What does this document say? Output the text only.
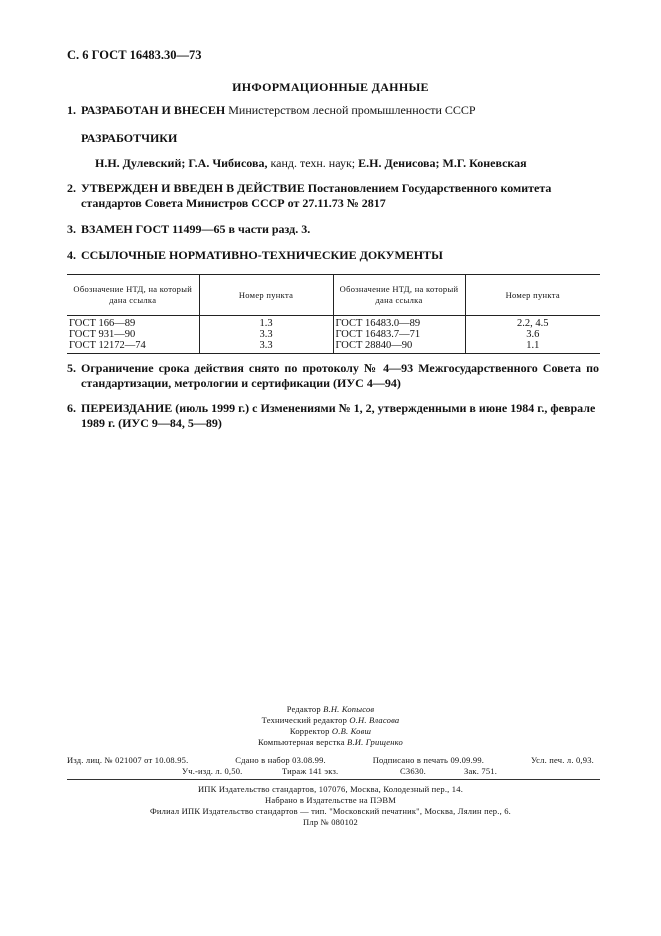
С. 6 ГОСТ 16483.30—73
ИНФОРМАЦИОННЫЕ ДАННЫЕ
1. РАЗРАБОТАН И ВНЕСЕН Министерством лесной промышленности СССР
РАЗРАБОТЧИКИ
Н.Н. Дулевский; Г.А. Чибисова, канд. техн. наук; Е.Н. Денисова; М.Г. Коневская
2. УТВЕРЖДЕН И ВВЕДЕН В ДЕЙСТВИЕ Постановлением Государственного комитета стандартов Совета Министров СССР от 27.11.73 № 2817
3. ВЗАМЕН ГОСТ 11499—65 в части разд. 3.
4. ССЫЛОЧНЫЕ НОРМАТИВНО-ТЕХНИЧЕСКИЕ ДОКУМЕНТЫ
Обозначение НТД, на который дана ссылка	Номер пункта	Обозначение НТД, на который дана ссылка	Номер пункта
ГОСТ 166—89	1.3	ГОСТ 16483.0—89	2.2, 4.5
ГОСТ 931—90	3.3	ГОСТ 16483.7—71	3.6
ГОСТ 12172—74	3.3	ГОСТ 28840—90	1.1
5. Ограничение срока действия снято по протоколу № 4—93 Межгосударственного Совета по стандартизации, метрологии и сертификации (ИУС 4—94)
6. ПЕРЕИЗДАНИЕ (июль 1999 г.) с Изменениями № 1, 2, утвержденными в июне 1984 г., феврале 1989 г. (ИУС 9—84, 5—89)
Редактор В.Н. Копысов
Технический редактор О.Н. Власова
Корректор О.В. Ковш
Компьютерная верстка В.И. Грищенко
Изд. лиц. № 021007 от 10.08.95.	Сдано в набор 03.08.99.	Подписано в печать 09.09.99.	Усл. печ. л. 0,93.
Уч.-изд. л. 0,50.	Тираж 141 экз.	С3630.	Зак. 751.
ИПК Издательство стандартов, 107076, Москва, Колодезный пер., 14.
Набрано в Издательстве на ПЭВМ
Филиал ИПК Издательство стандартов — тип. "Московский печатник", Москва, Лялин пер., 6.
Плр № 080102
